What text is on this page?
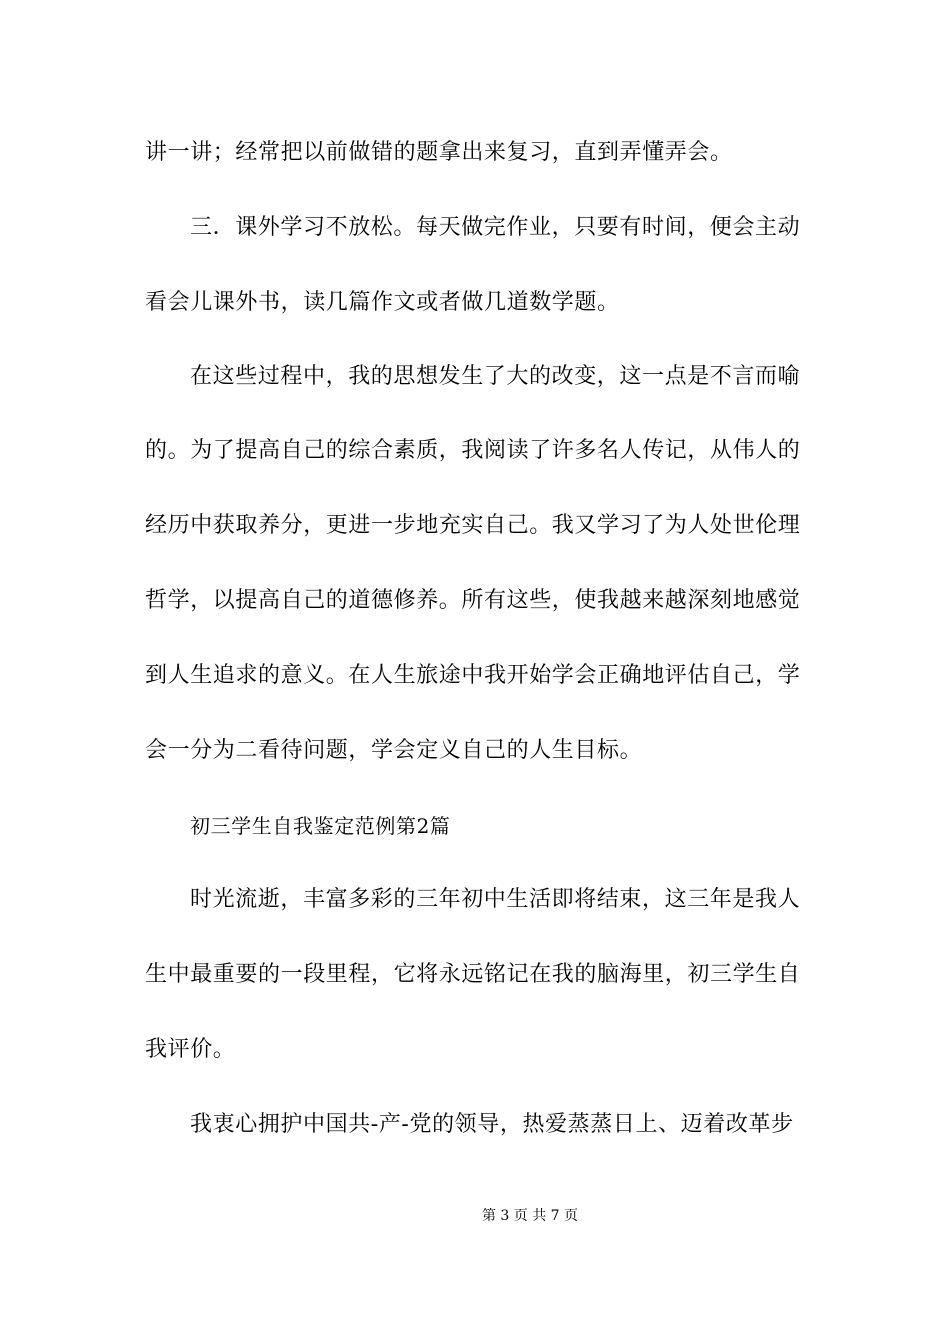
讲一讲；经常把以前做错的题拿出来复习，直到弄懂弄会。
三．课外学习不放松。每天做完作业，只要有时间，便会主动
看会儿课外书，读几篇作文或者做几道数学题。
在这些过程中，我的思想发生了大的改变，这一点是不言而喻
的。为了提高自己的综合素质，我阅读了许多名人传记，从伟人的
经历中获取养分，更进一步地充实自己。我又学习了为人处世伦理
哲学，以提高自己的道德修养。所有这些，使我越来越深刻地感觉
到人生追求的意义。在人生旅途中我开始学会正确地评估自己，学
会一分为二看待问题，学会定义自己的人生目标。
初三学生自我鉴定范例第2篇
时光流逝，丰富多彩的三年初中生活即将结束，这三年是我人
生中最重要的一段里程，它将永远铭记在我的脑海里，初三学生自
我评价。
我衷心拥护中国共-产-党的领导，热爱蒸蒸日上、迈着改革步
第 3 页 共 7 页
